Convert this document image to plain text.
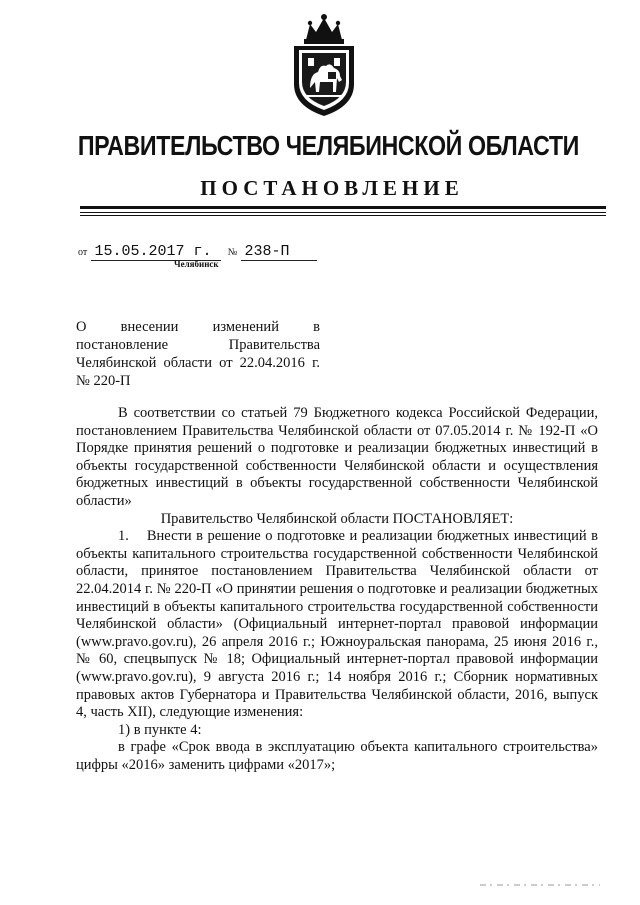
ПРАВИТЕЛЬСТВО ЧЕЛЯБИНСКОЙ ОБЛАСТИ
ПОСТАНОВЛЕНИЕ
от 15.05.2017 г. № 238-П
Челябинск
О внесении изменений в постановление Правительства Челябинской области от 22.04.2016 г. № 220-П

В соответствии со статьей 79 Бюджетного кодекса Российской Федерации, постановлением Правительства Челябинской области от 07.05.2014 г. № 192-П «О Порядке принятия решений о подготовке и реализации бюджетных инвестиций в объекты государственной собственности Челябинской области и осуществления бюджетных инвестиций в объекты государственной собственности Челябинской области»

Правительство Челябинской области ПОСТАНОВЛЯЕТ:

1.    Внести в решение о подготовке и реализации бюджетных инвестиций в объекты капитального строительства государственной собственности Челябинской области, принятое постановлением Правительства Челябинской области от 22.04.2014 г. № 220-П «О принятии решения о подготовке и реализации бюджетных инвестиций в объекты капитального строительства государственной собственности Челябинской области» (Официальный интернет-портал правовой информации (www.pravo.gov.ru), 26 апреля 2016 г.; Южноуральская панорама, 25 июня 2016 г., № 60, спецвыпуск № 18; Официальный интернет-портал правовой информации (www.pravo.gov.ru), 9 августа 2016 г.; 14 ноября 2016 г.; Сборник нормативных правовых актов Губернатора и Правительства Челябинской области, 2016, выпуск 4, часть XII), следующие изменения:

1) в пункте 4:

в графе «Срок ввода в эксплуатацию объекта капитального строительства» цифры «2016» заменить цифрами «2017»;
